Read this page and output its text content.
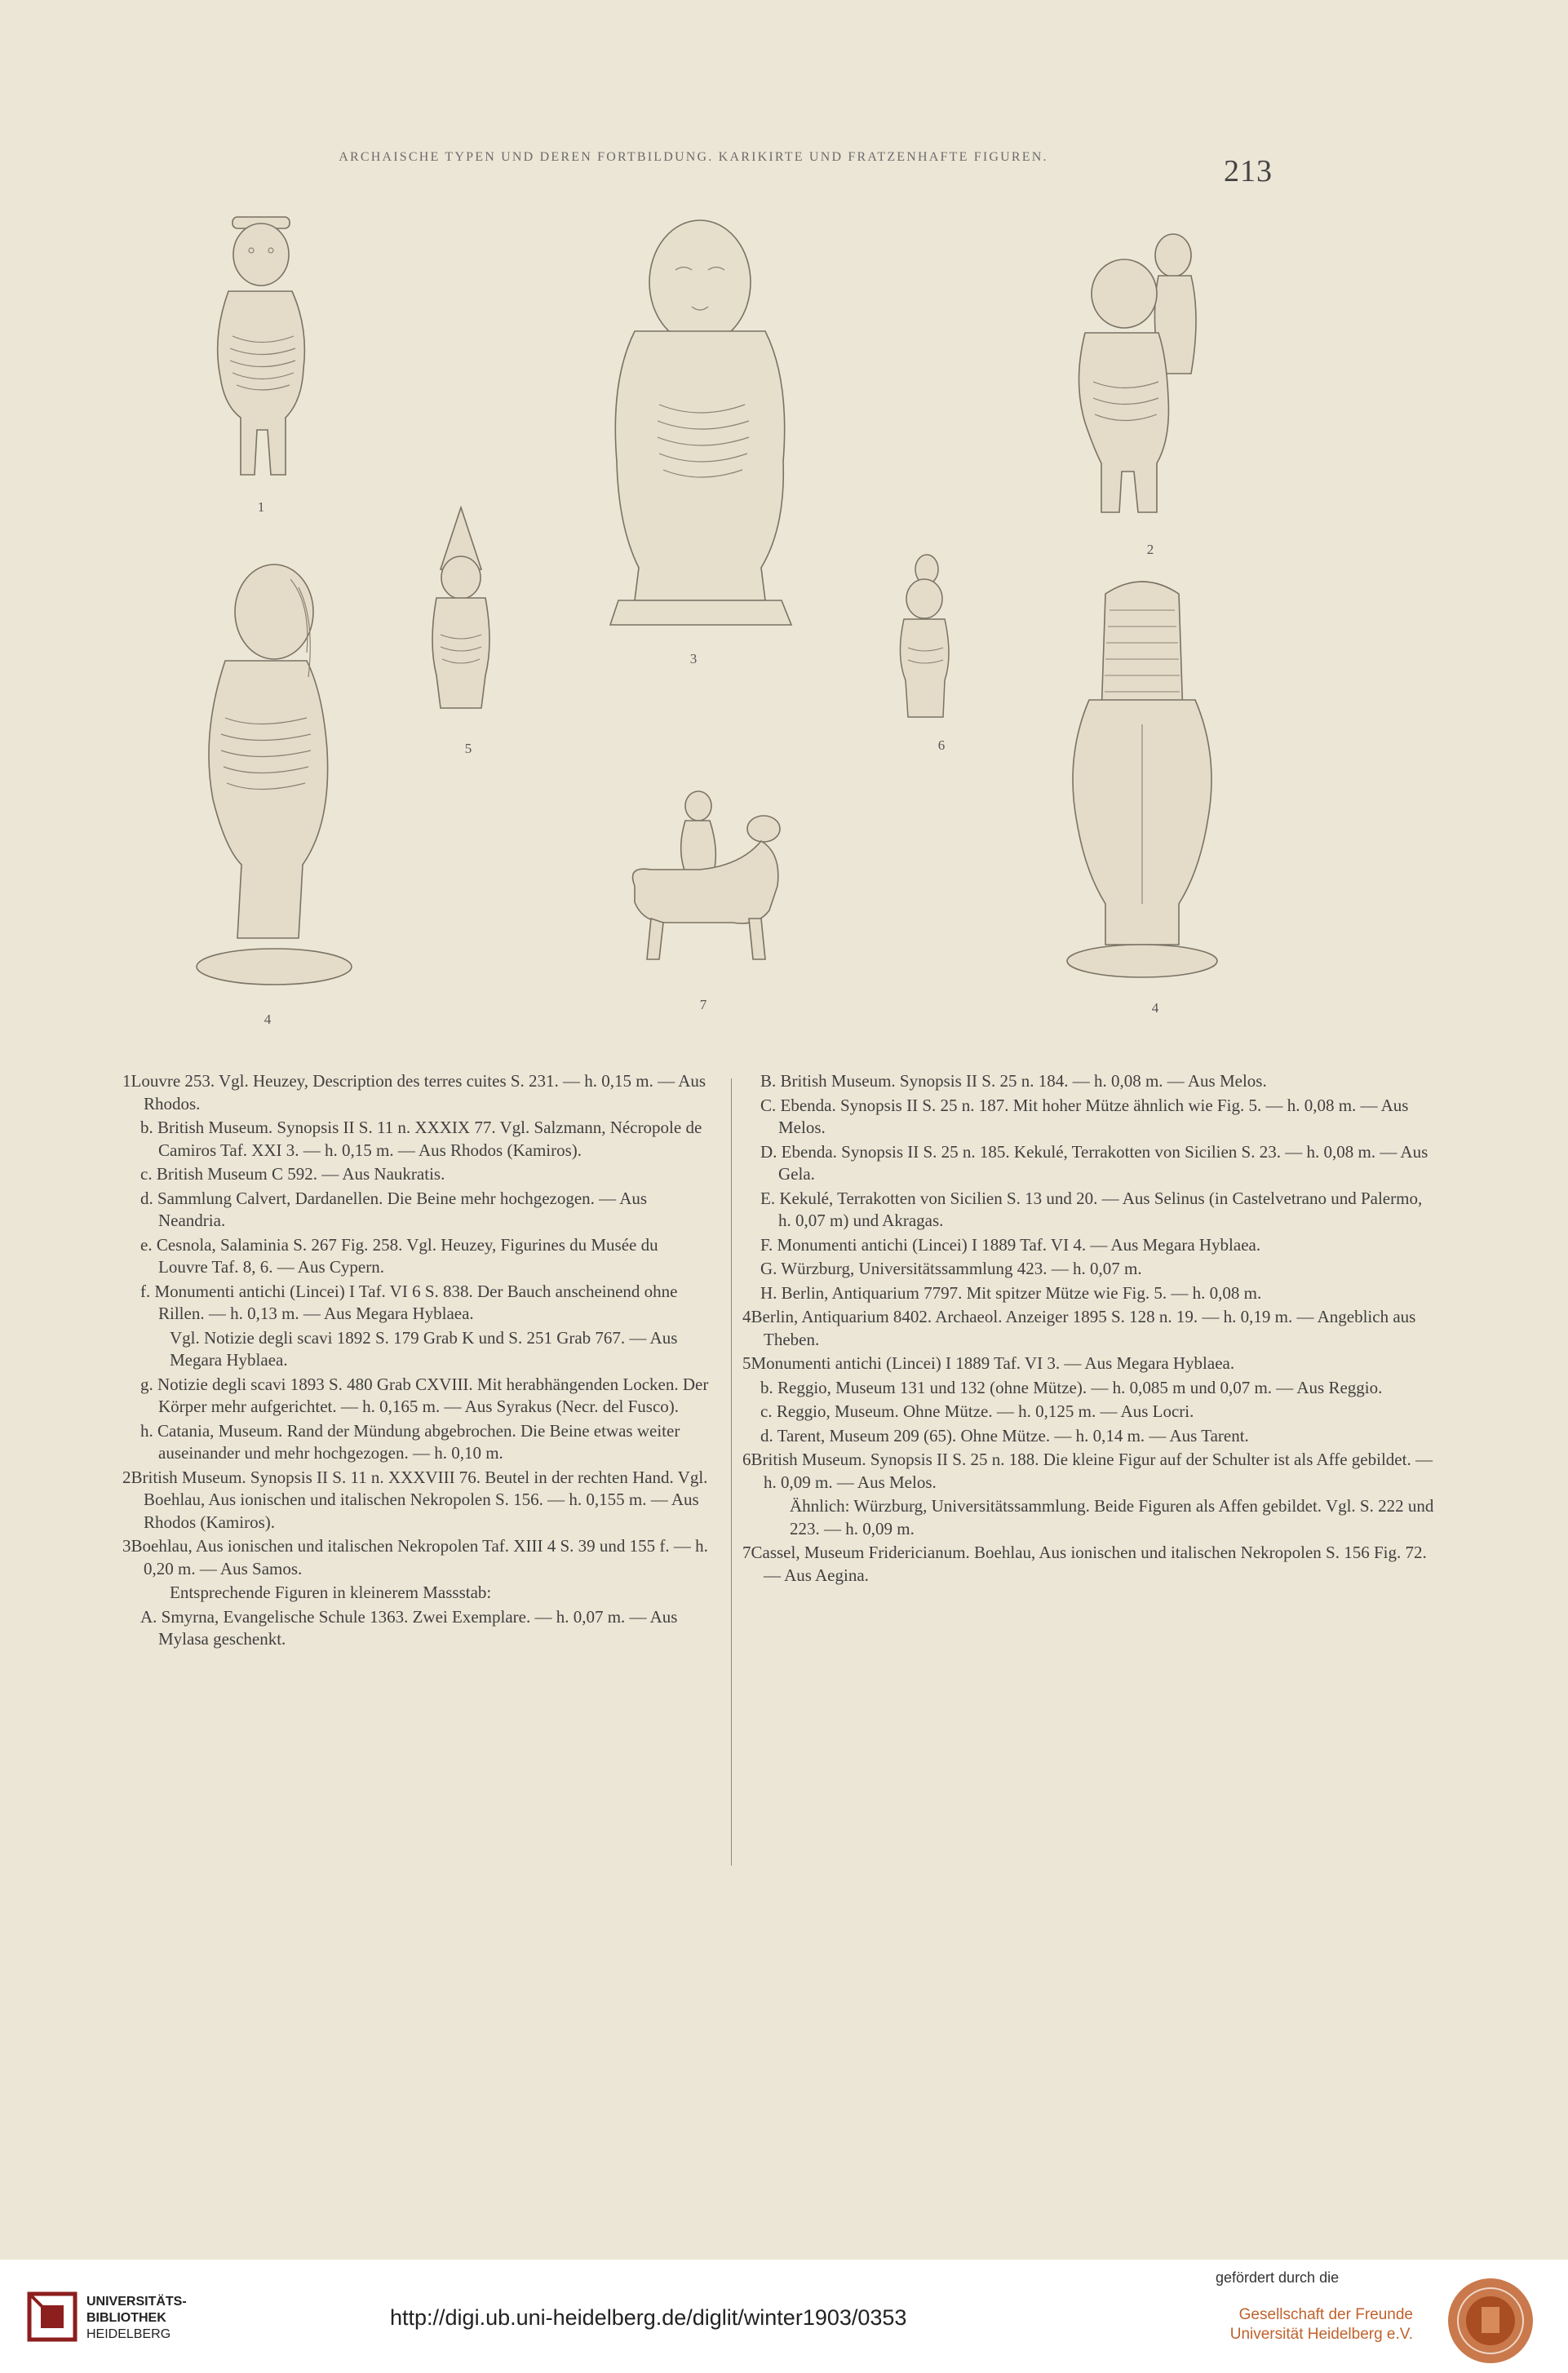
ARCHAISCHE TYPEN UND DEREN FORTBILDUNG. KARIKIRTE UND FRATZENHAFTE FIGUREN.	213
1
3
2
4
5	6
4
7
1Louvre 253. Vgl. Heuzey, Description des terres cuites S. 231. — h. 0,15 m. — Aus Rhodos.
b. British Museum. Synopsis II S. 11 n. XXXIX 77. Vgl. Salzmann, Nécropole de Camiros Taf. XXI 3. — h. 0,15 m. — Aus Rhodos (Kamiros).
c. British Museum C 592. — Aus Naukratis.
d. Sammlung Calvert, Dardanellen. Die Beine mehr hochgezogen. — Aus Neandria.
e. Cesnola, Salaminia S. 267 Fig. 258. Vgl. Heuzey, Figurines du Musée du Louvre Taf. 8, 6. — Aus Cypern.
f. Monumenti antichi (Lincei) I Taf. VI 6 S. 838. Der Bauch anscheinend ohne Rillen. — h. 0,13 m. — Aus Megara Hyblaea.
Vgl. Notizie degli scavi 1892 S. 179 Grab K und S. 251 Grab 767. — Aus Megara Hyblaea.
g. Notizie degli scavi 1893 S. 480 Grab CXVIII. Mit herabhängenden Locken. Der Körper mehr aufgerichtet. — h. 0,165 m. — Aus Syrakus (Necr. del Fusco).
h. Catania, Museum. Rand der Mündung abgebrochen. Die Beine etwas weiter auseinander und mehr hochgezogen. — h. 0,10 m.
2British Museum. Synopsis II S. 11 n. XXXVIII 76. Beutel in der rechten Hand. Vgl. Boehlau, Aus ionischen und italischen Nekropolen S. 156. — h. 0,155 m. — Aus Rhodos (Kamiros).
3Boehlau, Aus ionischen und italischen Nekropolen Taf. XIII 4 S. 39 und 155 f. — h. 0,20 m. — Aus Samos.
Entsprechende Figuren in kleinerem Massstab:
A. Smyrna, Evangelische Schule 1363. Zwei Exemplare. — h. 0,07 m. — Aus Mylasa geschenkt.
B. British Museum. Synopsis II S. 25 n. 184. — h. 0,08 m. — Aus Melos.
C. Ebenda. Synopsis II S. 25 n. 187. Mit hoher Mütze ähnlich wie Fig. 5. — h. 0,08 m. — Aus Melos.
D. Ebenda. Synopsis II S. 25 n. 185. Kekulé, Terrakotten von Sicilien S. 23. — h. 0,08 m. — Aus Gela.
E. Kekulé, Terrakotten von Sicilien S. 13 und 20. — Aus Selinus (in Castelvetrano und Palermo, h. 0,07 m) und Akragas.
F. Monumenti antichi (Lincei) I 1889 Taf. VI 4. — Aus Megara Hyblaea.
G. Würzburg, Universitätssammlung 423. — h. 0,07 m.
H. Berlin, Antiquarium 7797. Mit spitzer Mütze wie Fig. 5. — h. 0,08 m.
4Berlin, Antiquarium 8402. Archaeol. Anzeiger 1895 S. 128 n. 19. — h. 0,19 m. — Angeblich aus Theben.
5Monumenti antichi (Lincei) I 1889 Taf. VI 3. — Aus Megara Hyblaea.
b. Reggio, Museum 131 und 132 (ohne Mütze). — h. 0,085 m und 0,07 m. — Aus Reggio.
c. Reggio, Museum. Ohne Mütze. — h. 0,125 m. — Aus Locri.
d. Tarent, Museum 209 (65). Ohne Mütze. — h. 0,14 m. — Aus Tarent.
6British Museum. Synopsis II S. 25 n. 188. Die kleine Figur auf der Schulter ist als Affe gebildet. — h. 0,09 m. — Aus Melos.
Ähnlich: Würzburg, Universitätssammlung. Beide Figuren als Affen gebildet. Vgl. S. 222 und 223. — h. 0,09 m.
7Cassel, Museum Fridericianum. Boehlau, Aus ionischen und italischen Nekropolen S. 156 Fig. 72. — Aus Aegina.
UNIVERSITÄTS-
BIBLIOTHEK
HEIDELBERG
http://digi.ub.uni-heidelberg.de/diglit/winter1903/0353
gefördert durch die
Gesellschaft der Freunde
Universität Heidelberg e.V.
